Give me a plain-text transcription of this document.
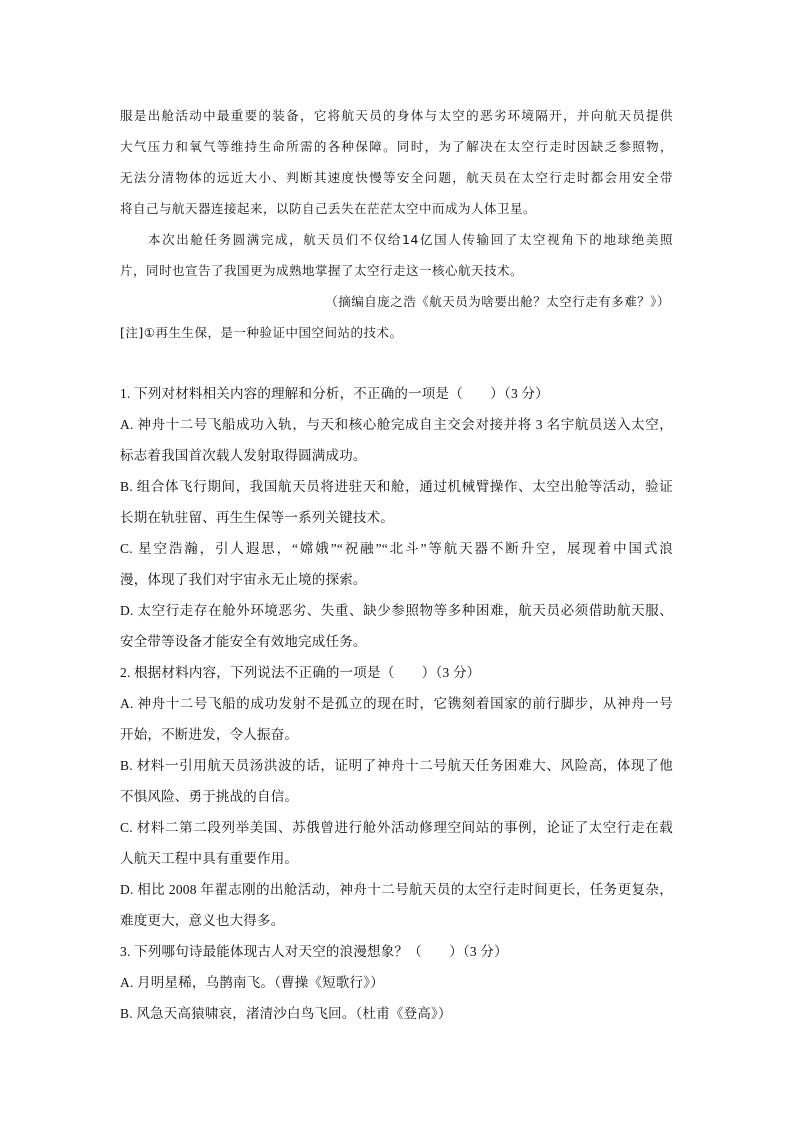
服是出舱活动中最重要的装备，它将航天员的身体与太空的恶劣环境隔开，并向航天员提供
大气压力和氧气等维持生命所需的各种保障。同时，为了解决在太空行走时因缺乏参照物，
无法分清物体的远近大小、判断其速度快慢等安全问题，航天员在太空行走时都会用安全带
将自己与航天器连接起来，以防自己丢失在茫茫太空中而成为人体卫星。
本次出舱任务圆满完成，航天员们不仅给14亿国人传输回了太空视角下的地球绝美照
片，同时也宣告了我国更为成熟地掌握了太空行走这一核心航天技术。
（摘编自庞之浩《航天员为啥要出舱？太空行走有多难？》）
[注]①再生生保，是一种验证中国空间站的技术。
1. 下列对材料相关内容的理解和分析，不正确的一项是（　　）（3 分）
A. 神舟十二号飞船成功入轨，与天和核心舱完成自主交会对接并将 3 名宇航员送入太空，
标志着我国首次载人发射取得圆满成功。
B. 组合体飞行期间，我国航天员将进驻天和舱，通过机械臂操作、太空出舱等活动，验证
长期在轨驻留、再生生保等一系列关键技术。
C. 星空浩瀚，引人遐思，“嫦娥”“祝融”“北斗”等航天器不断升空，展现着中国式浪
漫，体现了我们对宇宙永无止境的探索。
D. 太空行走存在舱外环境恶劣、失重、缺少参照物等多种困难，航天员必须借助航天服、
安全带等设备才能安全有效地完成任务。
2. 根据材料内容，下列说法不正确的一项是（　　）（3 分）
A. 神舟十二号飞船的成功发射不是孤立的现在时，它镌刻着国家的前行脚步，从神舟一号
开始，不断进发，令人振奋。
B. 材料一引用航天员汤洪波的话，证明了神舟十二号航天任务困难大、风险高，体现了他
不惧风险、勇于挑战的自信。
C. 材料二第二段列举美国、苏俄曾进行舱外活动修理空间站的事例，论证了太空行走在载
人航天工程中具有重要作用。
D. 相比 2008 年翟志刚的出舱活动，神舟十二号航天员的太空行走时间更长，任务更复杂，
难度更大，意义也大得多。
3. 下列哪句诗最能体现古人对天空的浪漫想象？（　　）（3 分）
A. 月明星稀，乌鹊南飞。（曹操《短歌行》）
B. 风急天高猿啸哀，渚清沙白鸟飞回。（杜甫《登高》）
